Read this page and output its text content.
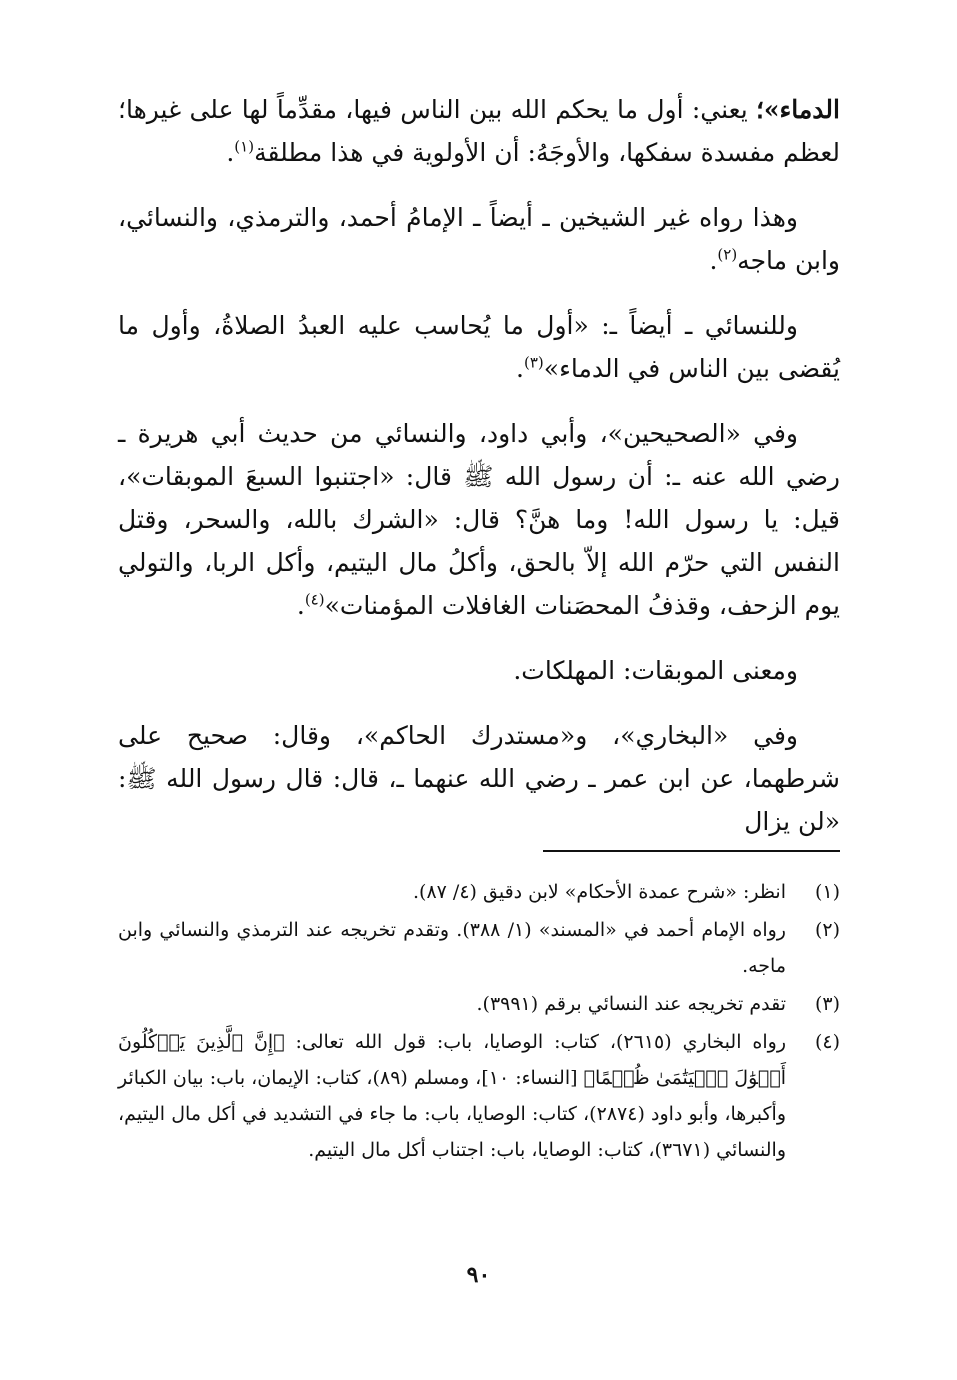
الدماء»؛ يعني: أول ما يحكم الله بين الناس فيها، مقدِّماً لها على غيرها؛ لعظم مفسدة سفكها، والأوجَهُ: أن الأولوية في هذا مطلقة$^{(١)}$.

وهذا رواه غير الشيخين ـ أيضاً ـ الإمامُ أحمد، والترمذي، والنسائي، وابن ماجه$^{(٢)}$.

وللنسائي ـ أيضاً ـ: «أول ما يُحاسب عليه العبدُ الصلاةُ، وأول ما يُقضى بين الناس في الدماء»$^{(٣)}$.

وفي «الصحيحين»، وأبي داود، والنسائي من حديث أبي هريرة ـ رضي الله عنه ـ: أن رسول الله ﷺ قال: «اجتنبوا السبعَ الموبقات»، قيل: يا رسول الله! وما هنَّ؟ قال: «الشرك بالله، والسحر، وقتل النفس التي حرّم الله إلاّ بالحق، وأكلُ مال اليتيم، وأكل الربا، والتولي يوم الزحف، وقذفُ المحصَنات الغافلات المؤمنات»$^{(٤)}$.

ومعنى الموبقات: المهلكات.

وفي «البخاري»، و«مستدرك الحاكم»، وقال: صحيح على شرطهما، عن ابن عمر ـ رضي الله عنهما ـ، قال: قال رسول الله ﷺ: «لن يزال

(١)
انظر: «شرح عمدة الأحكام» لابن دقيق (٤/ ٨٧).
(٢)
رواه الإمام أحمد في «المسند» (١/ ٣٨٨). وتقدم تخريجه عند الترمذي والنسائي وابن ماجه.
(٣)
تقدم تخريجه عند النسائي برقم (٣٩٩١).
(٤)
رواه البخاري (٢٦١٥)، كتاب: الوصايا، باب: قول الله تعالى: ﴿إِنَّ ٱلَّذِينَ يَأۡكُلُونَ أَمۡوَٰلَ ٱلۡيَتَٰمَىٰ ظُلۡمًا﴾ [النساء: ١٠]، ومسلم (٨٩)، كتاب: الإيمان، باب: بيان الكبائر وأكبرها، وأبو داود (٢٨٧٤)، كتاب: الوصايا، باب: ما جاء في التشديد في أكل مال اليتيم، والنسائي (٣٦٧١)، كتاب: الوصايا، باب: اجتناب أكل مال اليتيم.
٩٠
